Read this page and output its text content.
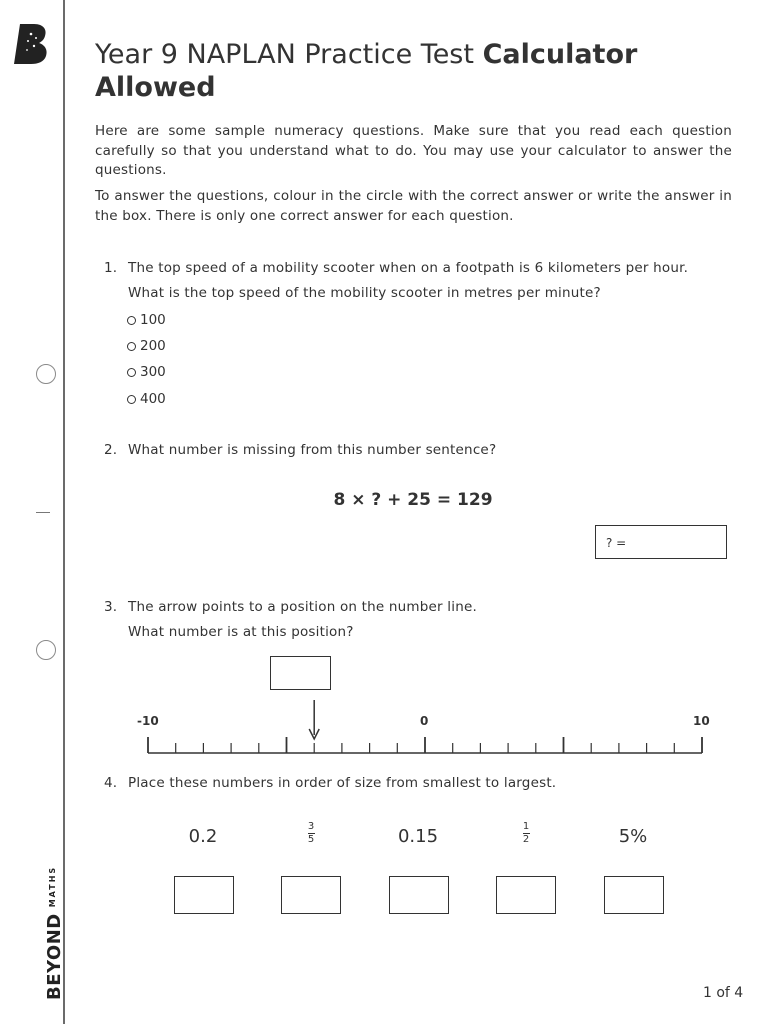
$BEYOND^{MATHS}$
Year 9 NAPLAN Practice Test Calculator Allowed

Here are some sample numeracy questions. Make sure that you read each question carefully so that you understand what to do. You may use your calculator to answer the questions.

To answer the questions, colour in the circle with the correct answer or write the answer in the box. There is only one correct answer for each question.

1. The top speed of a mobility scooter when on a footpath is 6 kilometers per hour.
What is the top speed of the mobility scooter in metres per minute?
100
200
300
400
2. What number is missing from this number sentence?
8 × ? + 25 = 129
? =
3. The arrow points to a position on the number line.
What number is at this position?
-10	0	10
4. Place these numbers in order of size from smallest to largest.
0.2	3
5	0.15	1
2	5%
1 of 4
